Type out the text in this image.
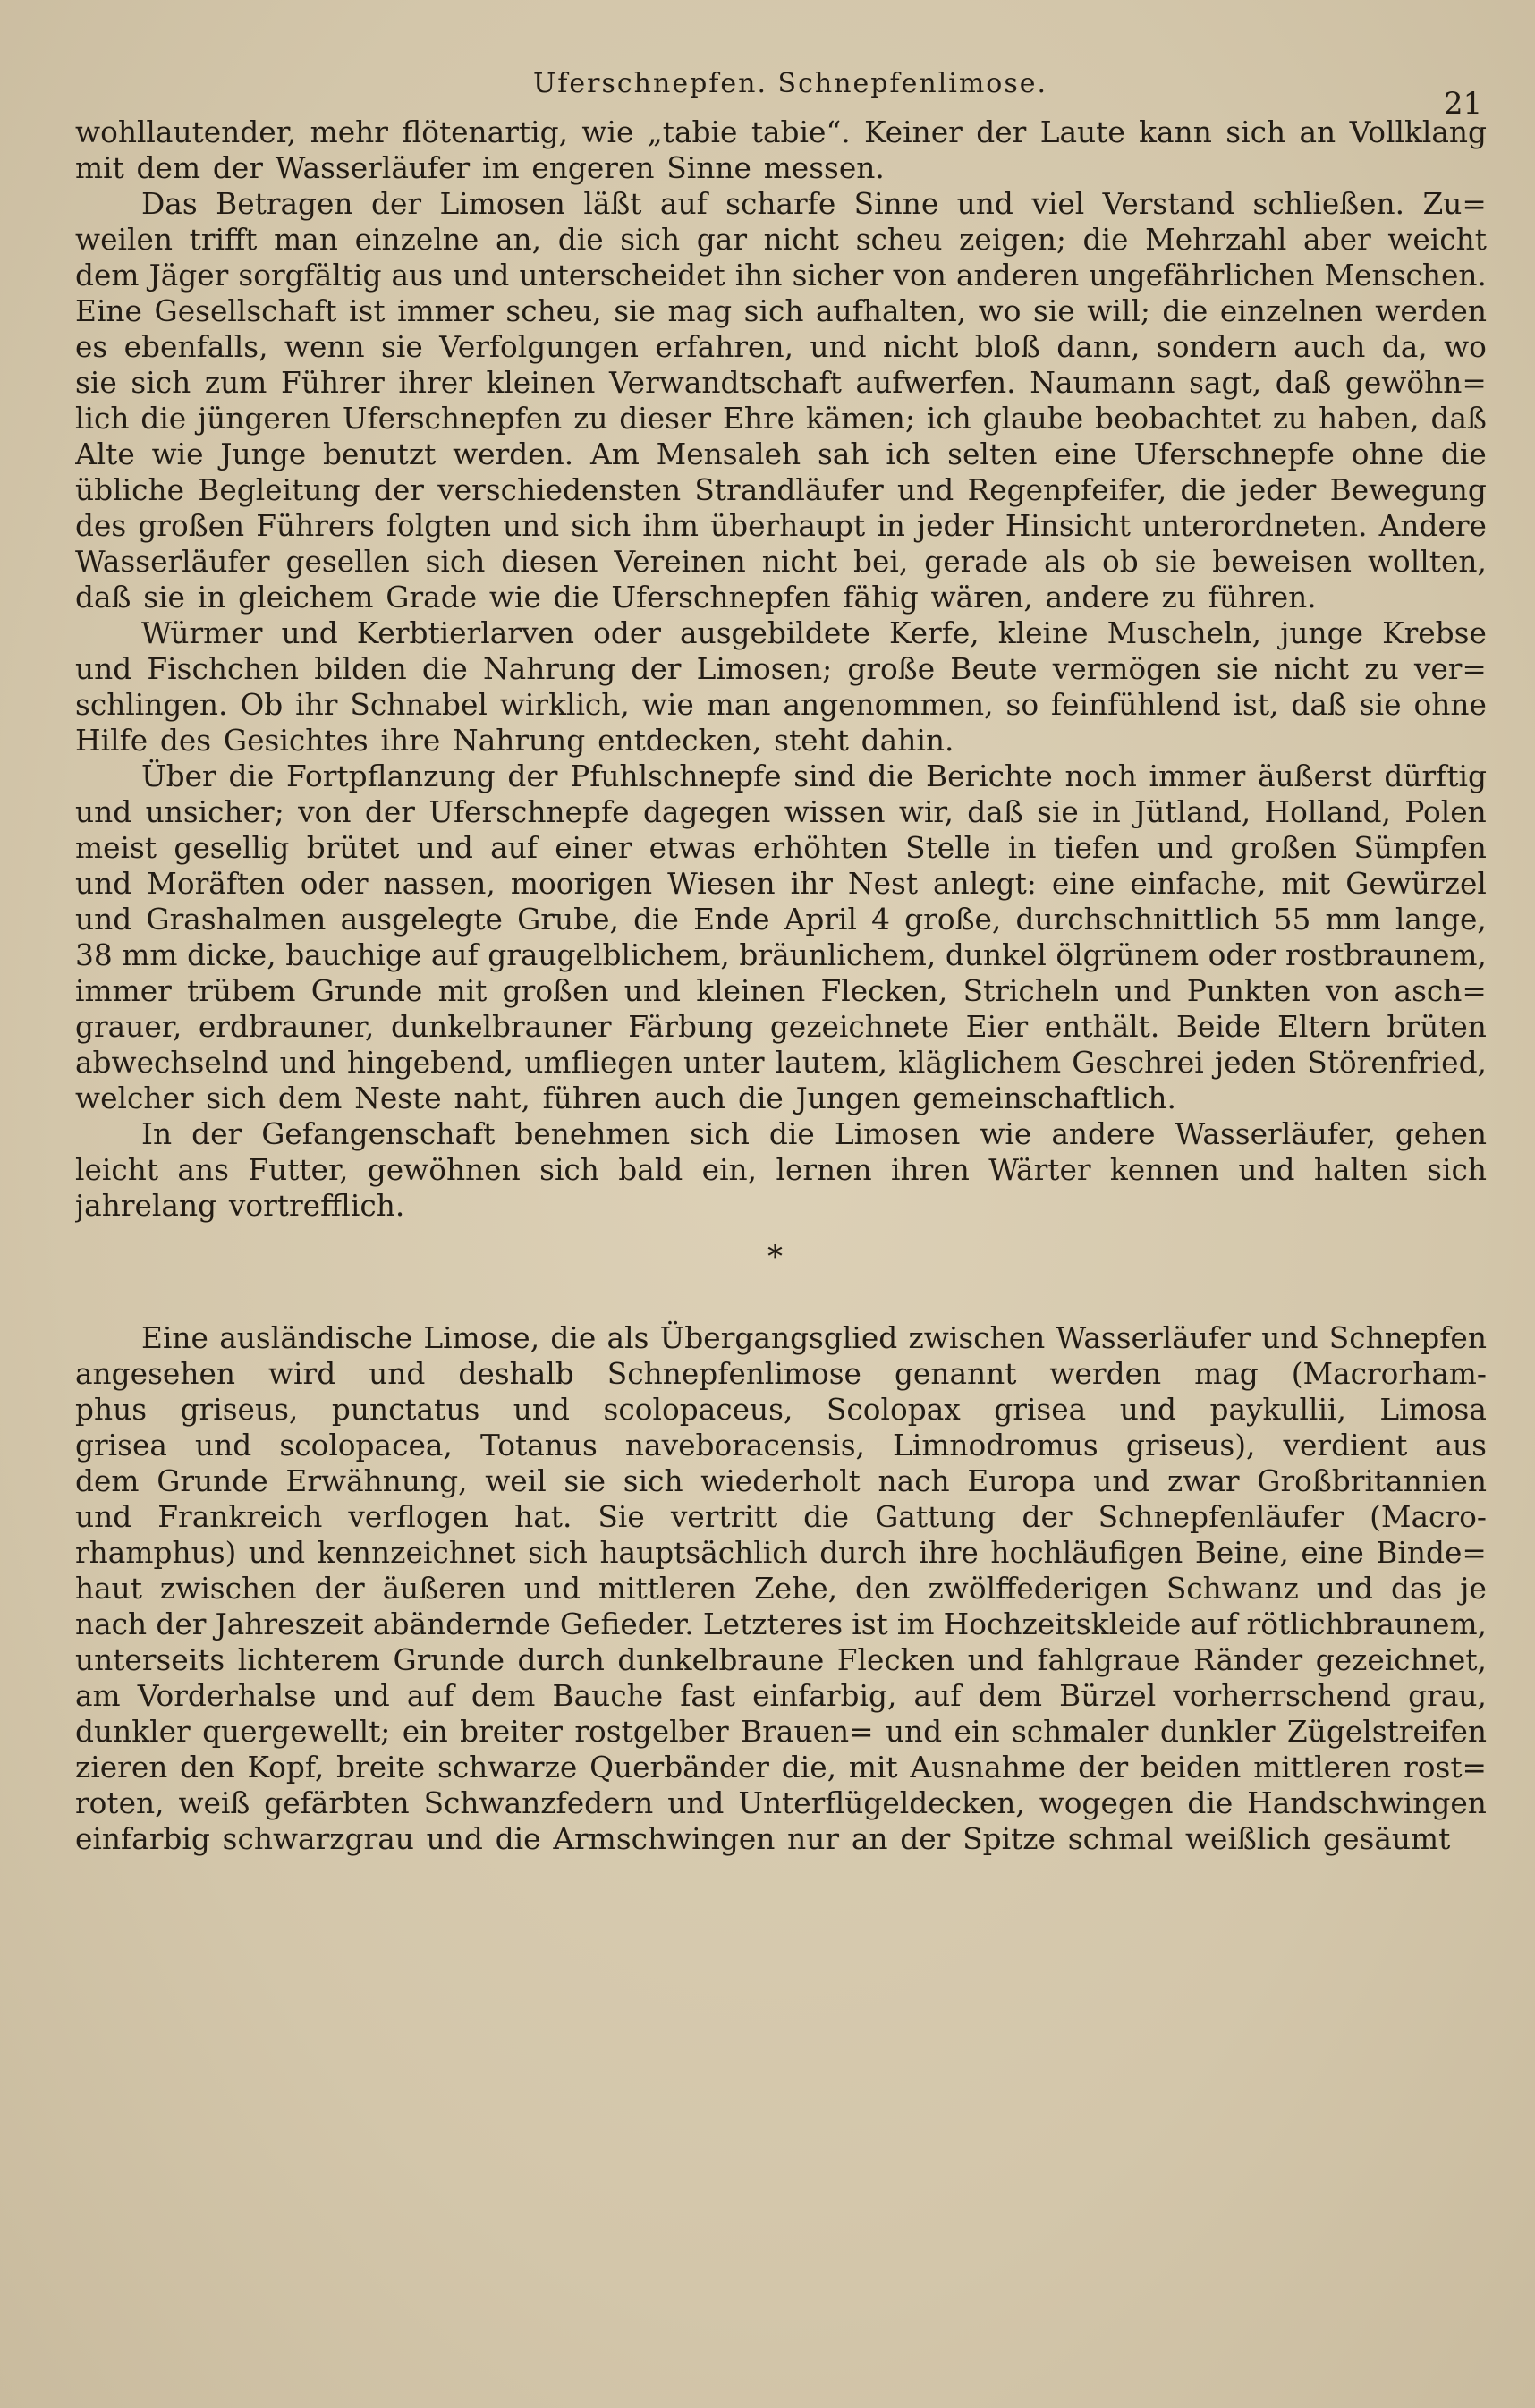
Uferschnepfen. Schnepfenlimose.
21
wohllautender, mehr flötenartig, wie „tabie tabie“. Keiner der Laute kann sich an Vollklang
mit dem der Wasserläufer im engeren Sinne messen.
Das Betragen der Limosen läßt auf scharfe Sinne und viel Verstand schließen. Zu=
weilen trifft man einzelne an, die sich gar nicht scheu zeigen; die Mehrzahl aber weicht
dem Jäger sorgfältig aus und unterscheidet ihn sicher von anderen ungefährlichen Menschen.
Eine Gesellschaft ist immer scheu, sie mag sich aufhalten, wo sie will; die einzelnen werden
es ebenfalls, wenn sie Verfolgungen erfahren, und nicht bloß dann, sondern auch da, wo
sie sich zum Führer ihrer kleinen Verwandtschaft aufwerfen. Naumann sagt, daß gewöhn=
lich die jüngeren Uferschnepfen zu dieser Ehre kämen; ich glaube beobachtet zu haben, daß
Alte wie Junge benutzt werden. Am Mensaleh sah ich selten eine Uferschnepfe ohne die
übliche Begleitung der verschiedensten Strandläufer und Regenpfeifer, die jeder Bewegung
des großen Führers folgten und sich ihm überhaupt in jeder Hinsicht unterordneten. Andere
Wasserläufer gesellen sich diesen Vereinen nicht bei, gerade als ob sie beweisen wollten,
daß sie in gleichem Grade wie die Uferschnepfen fähig wären, andere zu führen.
Würmer und Kerbtierlarven oder ausgebildete Kerfe, kleine Muscheln, junge Krebse
und Fischchen bilden die Nahrung der Limosen; große Beute vermögen sie nicht zu ver=
schlingen. Ob ihr Schnabel wirklich, wie man angenommen, so feinfühlend ist, daß sie ohne
Hilfe des Gesichtes ihre Nahrung entdecken, steht dahin.
Über die Fortpflanzung der Pfuhlschnepfe sind die Berichte noch immer äußerst dürftig
und unsicher; von der Uferschnepfe dagegen wissen wir, daß sie in Jütland, Holland, Polen
meist gesellig brütet und auf einer etwas erhöhten Stelle in tiefen und großen Sümpfen
und Moräften oder nassen, moorigen Wiesen ihr Nest anlegt: eine einfache, mit Gewürzel
und Grashalmen ausgelegte Grube, die Ende April 4 große, durchschnittlich 55 mm lange,
38 mm dicke, bauchige auf graugelblichem, bräunlichem, dunkel ölgrünem oder rostbraunem,
immer trübem Grunde mit großen und kleinen Flecken, Stricheln und Punkten von asch=
grauer, erdbrauner, dunkelbrauner Färbung gezeichnete Eier enthält. Beide Eltern brüten
abwechselnd und hingebend, umfliegen unter lautem, kläglichem Geschrei jeden Störenfried,
welcher sich dem Neste naht, führen auch die Jungen gemeinschaftlich.
In der Gefangenschaft benehmen sich die Limosen wie andere Wasserläufer, gehen
leicht ans Futter, gewöhnen sich bald ein, lernen ihren Wärter kennen und halten sich
jahrelang vortrefflich.
*
Eine ausländische Limose, die als Übergangsglied zwischen Wasserläufer und Schnepfen
angesehen wird und deshalb Schnepfenlimose genannt werden mag (Macrorham-
phus griseus, punctatus und scolopaceus, Scolopax grisea und paykullii, Limosa
grisea und scolopacea, Totanus naveboracensis, Limnodromus griseus), verdient aus
dem Grunde Erwähnung, weil sie sich wiederholt nach Europa und zwar Großbritannien
und Frankreich verflogen hat. Sie vertritt die Gattung der Schnepfenläufer (Macro-
rhamphus) und kennzeichnet sich hauptsächlich durch ihre hochläufigen Beine, eine Binde=
haut zwischen der äußeren und mittleren Zehe, den zwölffederigen Schwanz und das je
nach der Jahreszeit abändernde Gefieder. Letzteres ist im Hochzeitskleide auf rötlichbraunem,
unterseits lichterem Grunde durch dunkelbraune Flecken und fahlgraue Ränder gezeichnet,
am Vorderhalse und auf dem Bauche fast einfarbig, auf dem Bürzel vorherrschend grau,
dunkler quergewellt; ein breiter rostgelber Brauen= und ein schmaler dunkler Zügelstreifen
zieren den Kopf, breite schwarze Querbänder die, mit Ausnahme der beiden mittleren rost=
roten, weiß gefärbten Schwanzfedern und Unterflügeldecken, wogegen die Handschwingen
einfarbig schwarzgrau und die Armschwingen nur an der Spitze schmal weißlich gesäumt
